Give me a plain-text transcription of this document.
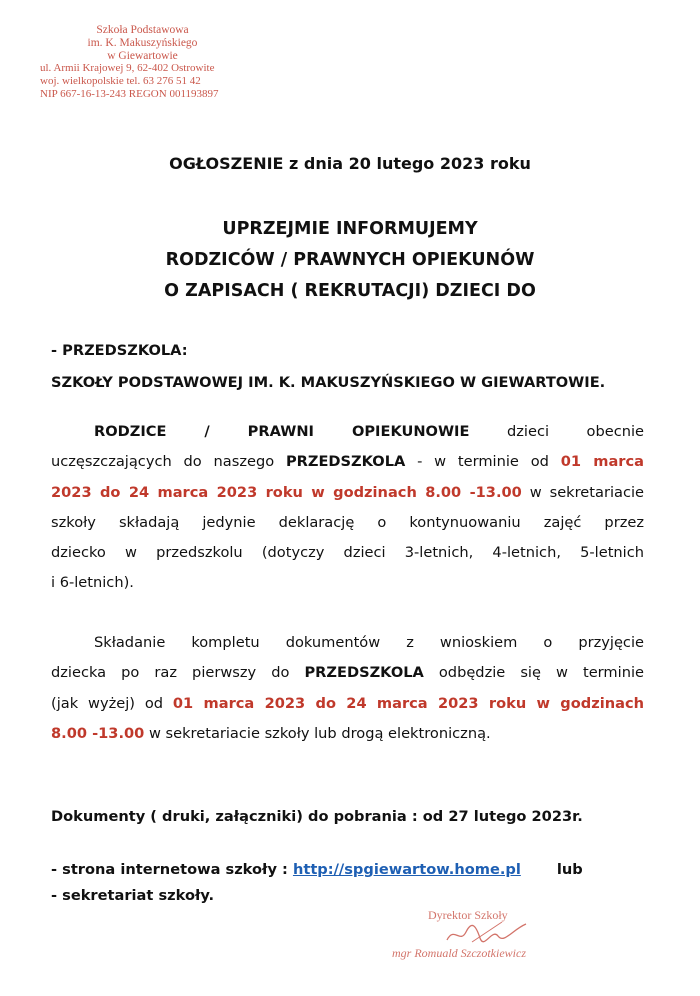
Szkoła Podstawowa
im. K. Makuszyńskiego
w Giewartowie
ul. Armii Krajowej 9, 62-402 Ostrowite
woj. wielkopolskie tel. 63 276 51 42
NIP 667-16-13-243 REGON 001193897
OGŁOSZENIE z dnia 20 lutego 2023 roku
UPRZEJMIE INFORMUJEMY
RODZICÓW / PRAWNYCH OPIEKUNÓW
O ZAPISACH ( REKRUTACJI) DZIECI DO
- PRZEDSZKOLA:
SZKOŁY PODSTAWOWEJ IM. K. MAKUSZYŃSKIEGO W GIEWARTOWIE.
RODZICE / PRAWNI OPIEKUNOWIE	dzieci obecnie
uczęszczających do naszego PRZEDSZKOLA - w terminie od 01 marca
2023 do 24 marca 2023 roku w godzinach 8.00 -13.00 w sekretariacie
szkoły składają jedynie deklarację o kontynuowaniu zajęć przez
dziecko w przedszkolu (dotyczy dzieci 3-letnich, 4-letnich, 5-letnich
i 6-letnich).
Składanie kompletu dokumentów z wnioskiem o przyjęcie
dziecka po raz pierwszy do PRZEDSZKOLA odbędzie się w terminie
(jak wyżej) od 01 marca 2023 do 24 marca 2023 roku w godzinach
8.00 -13.00 w sekretariacie szkoły lub drogą elektroniczną.
Dokumenty ( druki, załączniki) do pobrania : od 27 lutego 2023r.
- strona internetowa szkoły : http://spgiewartow.home.pl lub
- sekretariat szkoły.
Dyrektor Szkoły
mgr Romuald Szczotkiewicz
